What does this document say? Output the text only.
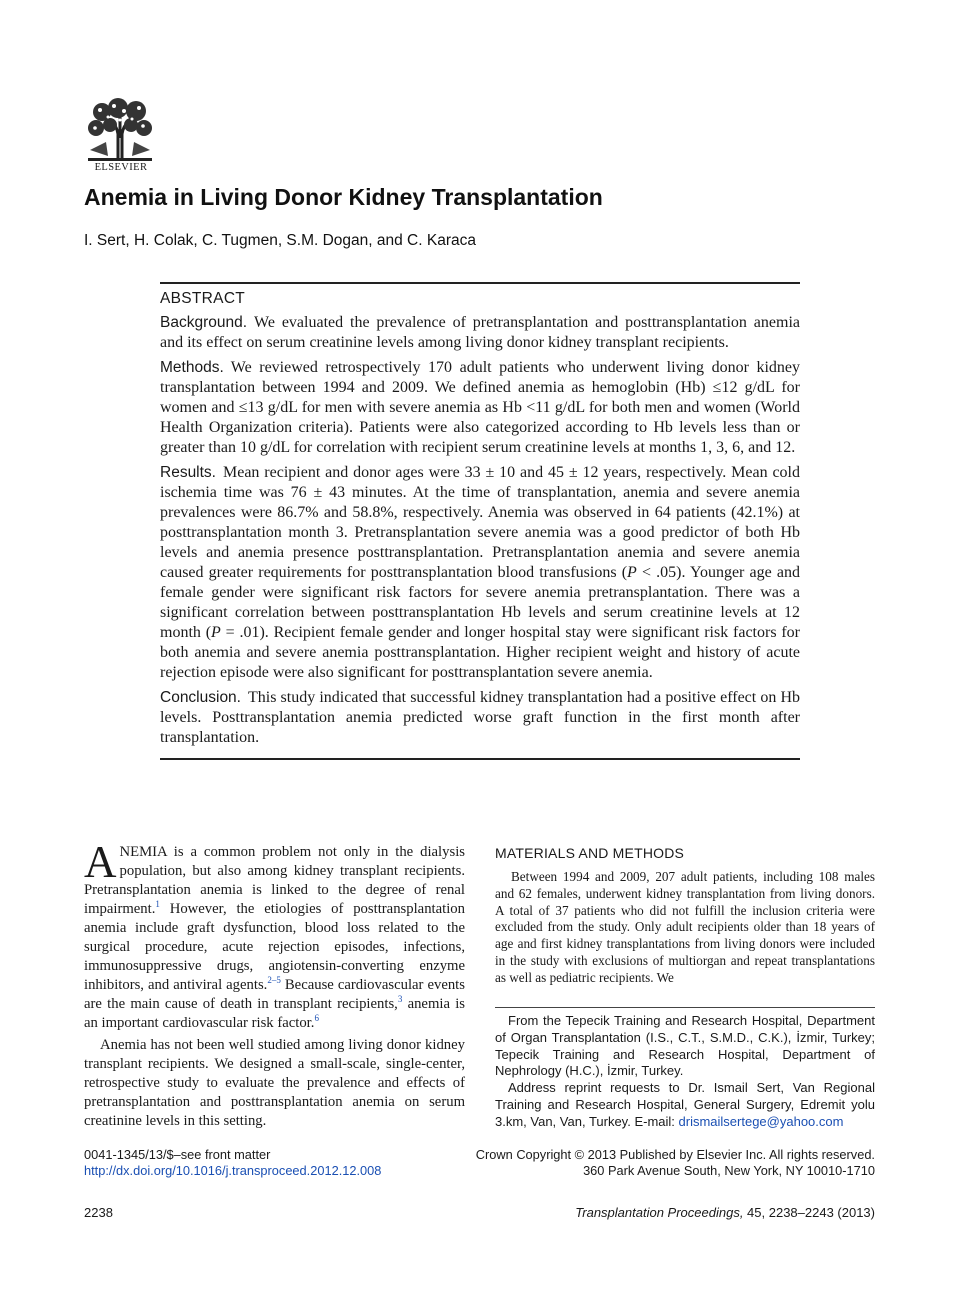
ELSEVIER
Anemia in Living Donor Kidney Transplantation
I. Sert, H. Colak, C. Tugmen, S.M. Dogan, and C. Karaca
ABSTRACT

Background. We evaluated the prevalence of pretransplantation and posttransplantation anemia and its effect on serum creatinine levels among living donor kidney transplant recipients.

Methods. We reviewed retrospectively 170 adult patients who underwent living donor kidney transplantation between 1994 and 2009. We defined anemia as hemoglobin (Hb) ≤12 g/dL for women and ≤13 g/dL for men with severe anemia as Hb <11 g/dL for both men and women (World Health Organization criteria). Patients were also categorized according to Hb levels less than or greater than 10 g/dL for correlation with recipient serum creatinine levels at months 1, 3, 6, and 12.

Results. Mean recipient and donor ages were 33 ± 10 and 45 ± 12 years, respectively. Mean cold ischemia time was 76 ± 43 minutes. At the time of transplantation, anemia and severe anemia prevalences were 86.7% and 58.8%, respectively. Anemia was observed in 64 patients (42.1%) at posttransplantation month 3. Pretransplantation severe anemia was a good predictor of both Hb levels and anemia presence posttransplantation. Pretransplantation anemia and severe anemia caused greater requirements for posttransplantation blood transfusions (P < .05). Younger age and female gender were significant risk factors for severe anemia pretransplantation. There was a significant correlation between posttransplantation Hb levels and serum creatinine levels at 12 month (P = .01). Recipient female gender and longer hospital stay were significant risk factors for both anemia and severe anemia posttransplantation. Higher recipient weight and history of acute rejection episode were also significant for posttransplantation severe anemia.

Conclusion. This study indicated that successful kidney transplantation had a positive effect on Hb levels. Posttransplantation anemia predicted worse graft function in the first month after transplantation.

ANEMIA is a common problem not only in the dialysis population, but also among kidney transplant recipients. Pretransplantation anemia is linked to the degree of renal impairment.$^1$ However, the etiologies of posttransplantation anemia include graft dysfunction, blood loss related to the surgical procedure, acute rejection episodes, infections, immunosuppressive drugs, angiotensin-converting enzyme inhibitors, and antiviral agents.$^{2-5}$ Because cardiovascular events are the main cause of death in transplant recipients,$^3$ anemia is an important cardiovascular risk factor.$^6$

Anemia has not been well studied among living donor kidney transplant recipients. We designed a small-scale, single-center, retrospective study to evaluate the prevalence and effects of pretransplantation and posttransplantation anemia on serum creatinine levels in this setting.

MATERIALS AND METHODS

Between 1994 and 2009, 207 adult patients, including 108 males and 62 females, underwent kidney transplantation from living donors. A total of 37 patients who did not fulfill the inclusion criteria were excluded from the study. Only adult recipients older than 18 years of age and first kidney transplantations from living donors were included in the study with exclusions of multiorgan and repeat transplantations as well as pediatric recipients. We

From the Tepecik Training and Research Hospital, Department of Organ Transplantation (I.S., C.T., S.M.D., C.K.), İzmir, Turkey; Tepecik Training and Research Hospital, Department of Nephrology (H.C.), İzmir, Turkey.

Address reprint requests to Dr. Ismail Sert, Van Regional Training and Research Hospital, General Surgery, Edremit yolu 3.km, Van, Van, Turkey. E-mail: drismailsertege@yahoo.com

0041-1345/13/$–see front matter
http://dx.doi.org/10.1016/j.transproceed.2012.12.008
Crown Copyright © 2013 Published by Elsevier Inc. All rights reserved.
360 Park Avenue South, New York, NY 10010-1710
2238	Transplantation Proceedings, 45, 2238–2243 (2013)
